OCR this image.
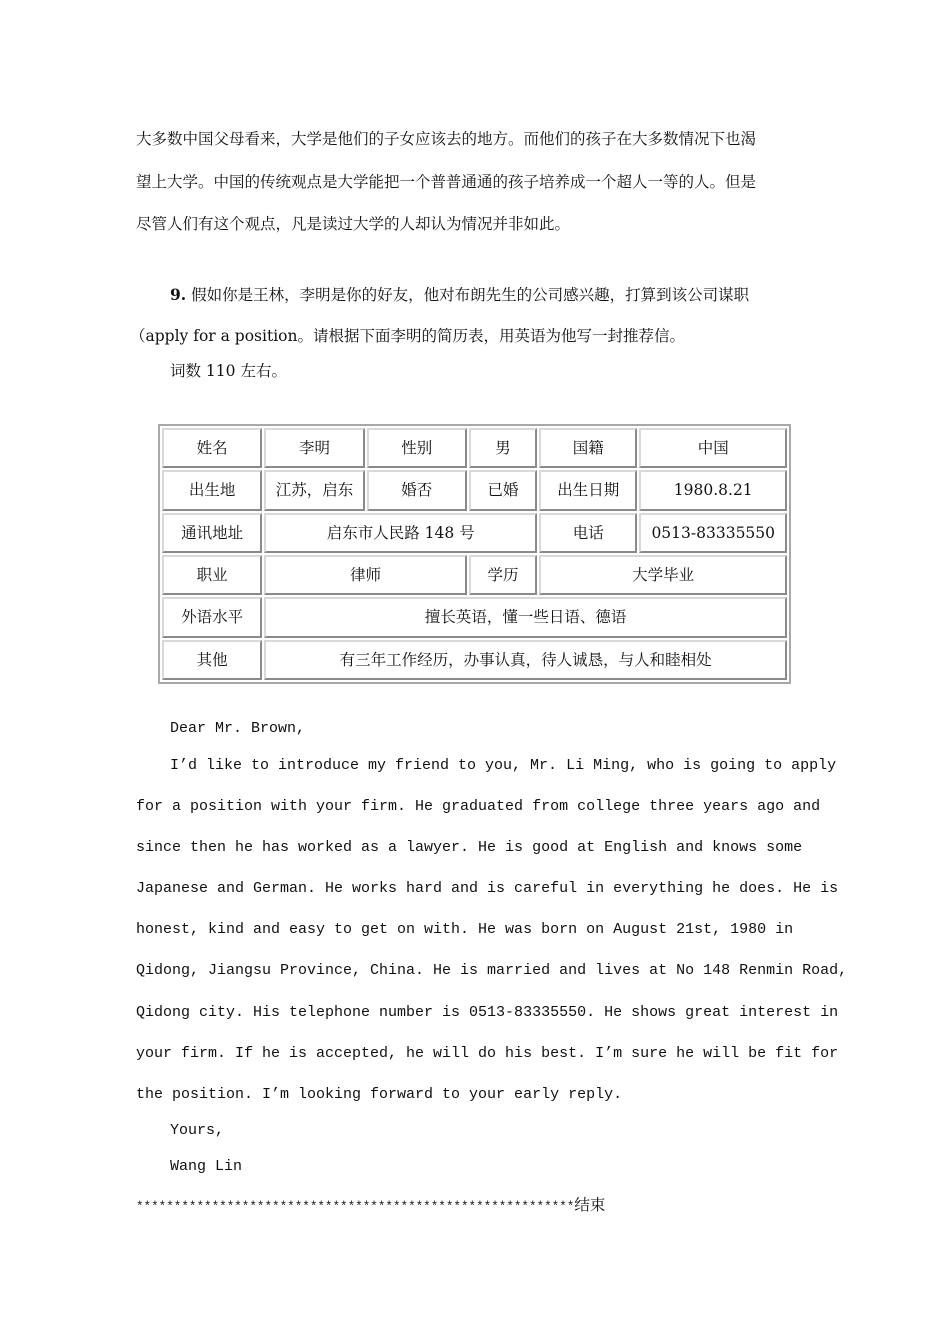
大多数中国父母看来，大学是他们的子女应该去的地方。而他们的孩子在大多数情况下也渴
望上大学。中国的传统观点是大学能把一个普普通通的孩子培养成一个超人一等的人。但是
尽管人们有这个观点，凡是读过大学的人却认为情况并非如此。
9. 假如你是王林，李明是你的好友，他对布朗先生的公司感兴趣，打算到该公司谋职
（apply for a position。请根据下面李明的简历表，用英语为他写一封推荐信。
词数 110 左右。
姓名	李明	性别	男	国籍	中国
出生地	江苏，启东	婚否	已婚	出生日期	1980.8.21
通讯地址	启东市人民路 148 号			电话	0513-83335550
职业	律师		学历	大学毕业	
外语水平	擅长英语，懂一些日语、德语				
其他	有三年工作经历，办事认真，待人诚恳，与人和睦相处				
Dear Mr. Brown,
I’d like to introduce my friend to you, Mr. Li Ming, who is going to apply
for a position with your firm. He graduated from college three years ago and
since then he has worked as a lawyer. He is good at English and knows some
Japanese and German. He works hard and is careful in everything he does. He is
honest, kind and easy to get on with. He was born on August 21st, 1980 in
Qidong, Jiangsu Province, China. He is married and lives at No 148 Renmin Road,
Qidong city. His telephone number is 0513-83335550. He shows great interest in
your firm. If he is accepted, he will do his best. I’m sure he will be fit for
the position. I’m looking forward to your early reply.
Yours,
Wang Lin
**********************************************************结束
